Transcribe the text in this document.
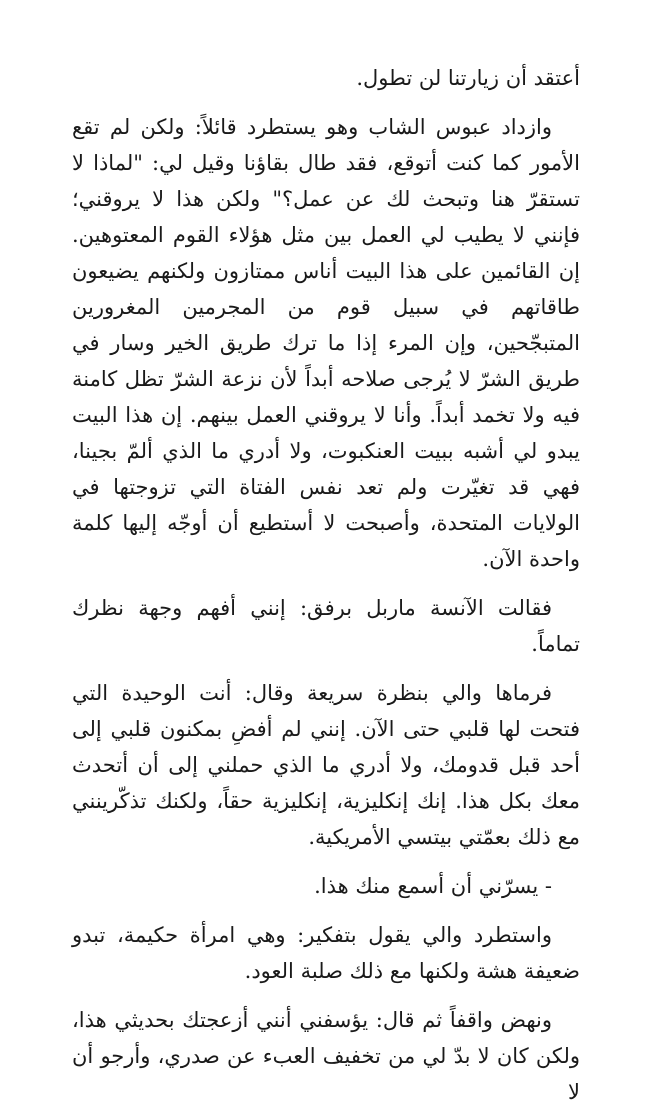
أعتقد أن زيارتنا لن تطول.

وازداد عبوس الشاب وهو يستطرد قائلاً: ولكن لم تقع الأمور كما كنت أتوقع، فقد طال بقاؤنا وقيل لي: "لماذا لا تستقرّ هنا وتبحث لك عن عمل؟" ولكن هذا لا يروقني؛ فإنني لا يطيب لي العمل بين مثل هؤلاء القوم المعتوهين. إن القائمين على هذا البيت أناس ممتازون ولكنهم يضيعون طاقاتهم في سبيل قوم من المجرمين المغرورين المتبجّحين، وإن المرء إذا ما ترك طريق الخير وسار في طريق الشرّ لا يُرجى صلاحه أبداً لأن نزعة الشرّ تظل كامنة فيه ولا تخمد أبداً. وأنا لا يروقني العمل بينهم. إن هذا البيت يبدو لي أشبه ببيت العنكبوت، ولا أدري ما الذي ألمّ بجينا، فهي قد تغيّرت ولم تعد نفس الفتاة التي تزوجتها في الولايات المتحدة، وأصبحت لا أستطيع أن أوجّه إليها كلمة واحدة الآن.

فقالت الآنسة ماربل برفق: إنني أفهم وجهة نظرك تماماً.

فرماها والي بنظرة سريعة وقال: أنت الوحيدة التي فتحت لها قلبي حتى الآن. إنني لم أفضِ بمكنون قلبي إلى أحد قبل قدومك، ولا أدري ما الذي حملني إلى أن أتحدث معك بكل هذا. إنك إنكليزية، إنكليزية حقاً، ولكنك تذكّرينني مع ذلك بعمّتي بيتسي الأمريكية.

- يسرّني أن أسمع منك هذا.

واستطرد والي يقول بتفكير: وهي امرأة حكيمة، تبدو ضعيفة هشة ولكنها مع ذلك صلبة العود.

ونهض واقفاً ثم قال: يؤسفني أنني أزعجتك بحديثي هذا، ولكن كان لا بدّ لي من تخفيف العبء عن صدري، وأرجو أن لا
